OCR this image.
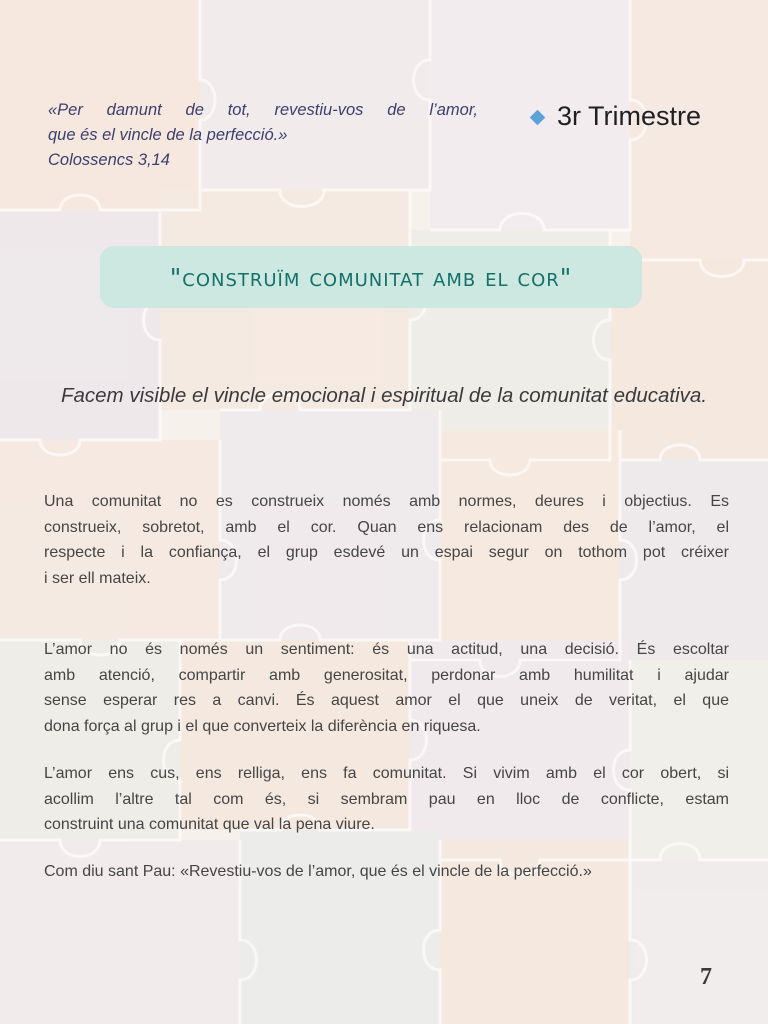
«Per damunt de tot, revestiu-vos de l’amor,
que és el vincle de la perfecció.»
Colossencs 3,14
3r Trimestre
"construïm comunitat amb el cor"
Facem visible el vincle emocional i espiritual de la comunitat educativa.
Una comunitat no es construeix només amb normes, deures i objectius. Es
construeix, sobretot, amb el cor. Quan ens relacionam des de l’amor, el
respecte i la confiança, el grup esdevé un espai segur on tothom pot créixer
i ser ell mateix.
L’amor no és només un sentiment: és una actitud, una decisió. És escoltar
amb atenció, compartir amb generositat, perdonar amb humilitat i ajudar
sense esperar res a canvi. És aquest amor el que uneix de veritat, el que
dona força al grup i el que converteix la diferència en riquesa.
L’amor ens cus, ens relliga, ens fa comunitat. Si vivim amb el cor obert, si
acollim l’altre tal com és, si sembram pau en lloc de conflicte, estam
construint una comunitat que val la pena viure.
Com diu sant Pau: «Revestiu-vos de l’amor, que és el vincle de la perfecció.»
7
